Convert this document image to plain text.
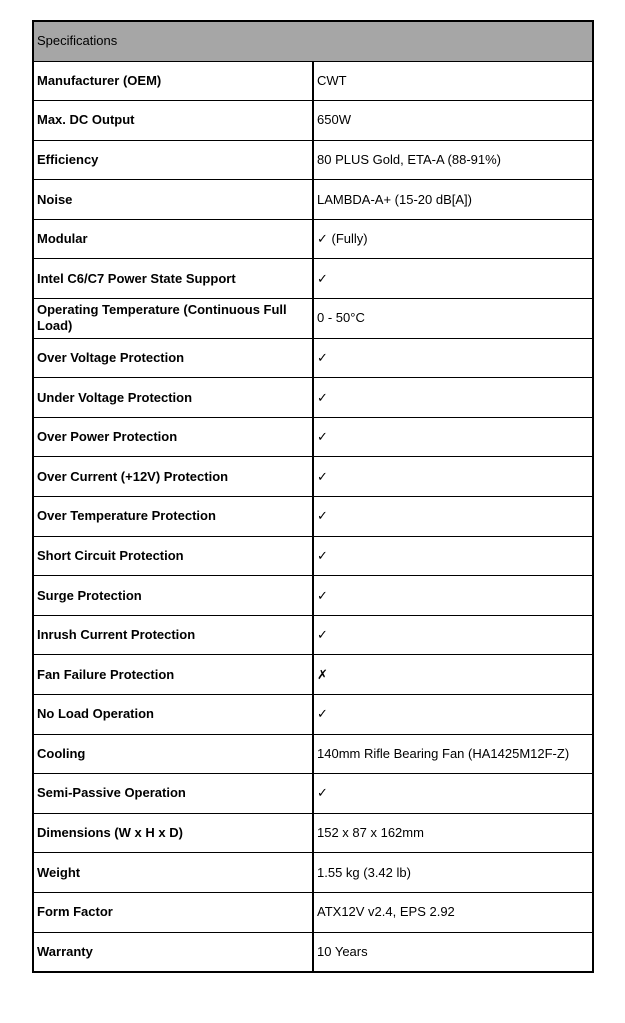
Specifications	
Manufacturer (OEM)	CWT
Max. DC Output	650W
Efficiency	80 PLUS Gold, ETA-A (88-91%)
Noise	LAMBDA-A+ (15-20 dB[A])
Modular	✓ (Fully)
Intel C6/C7 Power State Support	✓
Operating Temperature (Continuous Full Load)	0 - 50°C
Over Voltage Protection	✓
Under Voltage Protection	✓
Over Power Protection	✓
Over Current (+12V) Protection	✓
Over Temperature Protection	✓
Short Circuit Protection	✓
Surge Protection	✓
Inrush Current Protection	✓
Fan Failure Protection	✗
No Load Operation	✓
Cooling	140mm Rifle Bearing Fan (HA1425M12F-Z)
Semi-Passive Operation	✓
Dimensions (W x H x D)	152 x 87 x 162mm
Weight	1.55 kg (3.42 lb)
Form Factor	ATX12V v2.4, EPS 2.92
Warranty	10 Years
